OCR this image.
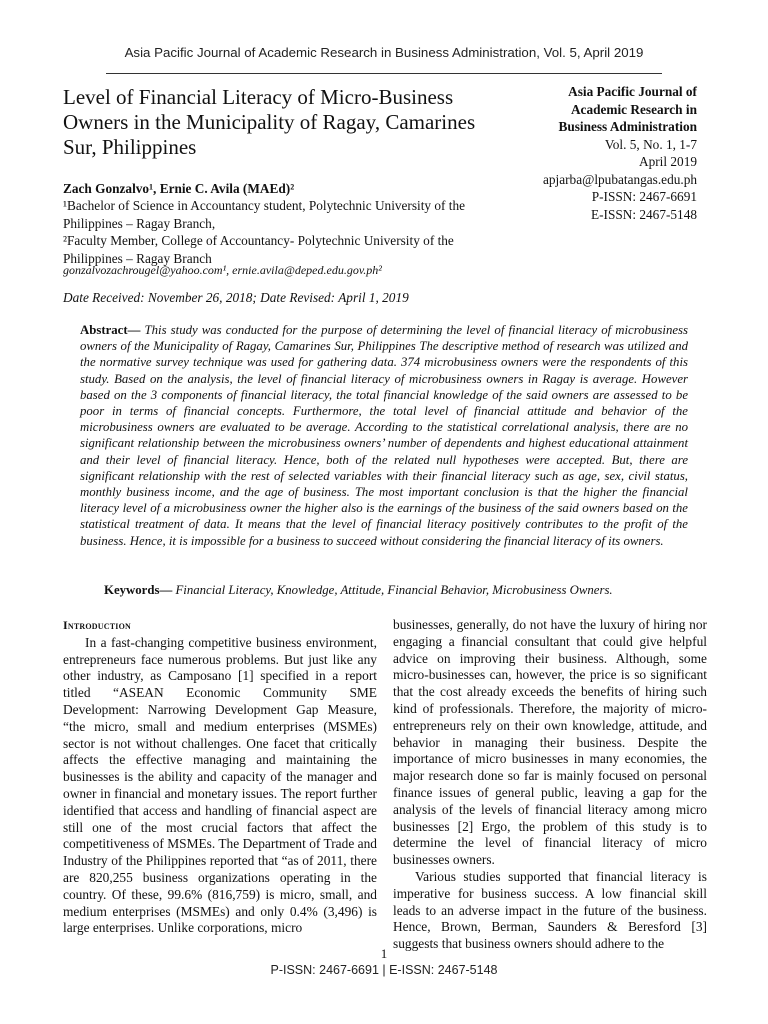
Asia Pacific Journal of Academic Research in Business Administration, Vol. 5, April 2019
Level of Financial Literacy of Micro-Business Owners in the Municipality of Ragay, Camarines Sur, Philippines
Asia Pacific Journal of
Academic Research in
Business Administration
Vol. 5, No. 1, 1-7
April 2019
apjarba@lpubatangas.edu.ph
P-ISSN: 2467-6691
E-ISSN: 2467-5148
Zach Gonzalvo¹, Ernie C. Avila (MAEd)²
¹Bachelor of Science in Accountancy student, Polytechnic University of the Philippines – Ragay Branch,
²Faculty Member, College of Accountancy- Polytechnic University of the Philippines – Ragay Branch
gonzalvozachrougel@yahoo.com¹, ernie.avila@deped.edu.gov.ph²
Date Received: November 26, 2018; Date Revised: April 1, 2019

Abstract— This study was conducted for the purpose of determining the level of financial literacy of microbusiness owners of the Municipality of Ragay, Camarines Sur, Philippines The descriptive method of research was utilized and the normative survey technique was used for gathering data. 374 microbusiness owners were the respondents of this study. Based on the analysis, the level of financial literacy of microbusiness owners in Ragay is average. However based on the 3 components of financial literacy, the total financial knowledge of the said owners are assessed to be poor in terms of financial concepts. Furthermore, the total level of financial attitude and behavior of the microbusiness owners are evaluated to be average. According to the statistical correlational analysis, there are no significant relationship between the microbusiness owners’ number of dependents and highest educational attainment and their level of financial literacy. Hence, both of the related null hypotheses were accepted. But, there are significant relationship with the rest of selected variables with their financial literacy such as age, sex, civil status, monthly business income, and the age of business. The most important conclusion is that the higher the financial literacy level of a microbusiness owner the higher also is the earnings of the business of the said owners based on the statistical treatment of data. It means that the level of financial literacy positively contributes to the profit of the business. Hence, it is impossible for a business to succeed without considering the financial literacy of its owners.

Keywords— Financial Literacy, Knowledge, Attitude, Financial Behavior, Microbusiness Owners.
Introduction

In a fast-changing competitive business environment, entrepreneurs face numerous problems. But just like any other industry, as Camposano [1] specified in a report titled “ASEAN Economic Community SME Development: Narrowing Development Gap Measure, “the micro, small and medium enterprises (MSMEs) sector is not without challenges. One facet that critically affects the effective managing and maintaining the businesses is the ability and capacity of the manager and owner in financial and monetary issues. The report further identified that access and handling of financial aspect are still one of the most crucial factors that affect the competitiveness of MSMEs. The Department of Trade and Industry of the Philippines reported that “as of 2011, there are 820,255 business organizations operating in the country. Of these, 99.6% (816,759) is micro, small, and medium enterprises (MSMEs) and only 0.4% (3,496) is large enterprises. Unlike corporations, micro

businesses, generally, do not have the luxury of hiring nor engaging a financial consultant that could give helpful advice on improving their business. Although, some micro-businesses can, however, the price is so significant that the cost already exceeds the benefits of hiring such kind of professionals. Therefore, the majority of micro-entrepreneurs rely on their own knowledge, attitude, and behavior in managing their business. Despite the importance of micro businesses in many economies, the major research done so far is mainly focused on personal finance issues of general public, leaving a gap for the analysis of the levels of financial literacy among micro businesses [2] Ergo, the problem of this study is to determine the level of financial literacy of micro businesses owners.

Various studies supported that financial literacy is imperative for business success. A low financial skill leads to an adverse impact in the future of the business. Hence, Brown, Berman, Saunders & Beresford [3] suggests that business owners should adhere to the

1
P-ISSN: 2467-6691 | E-ISSN: 2467-5148
